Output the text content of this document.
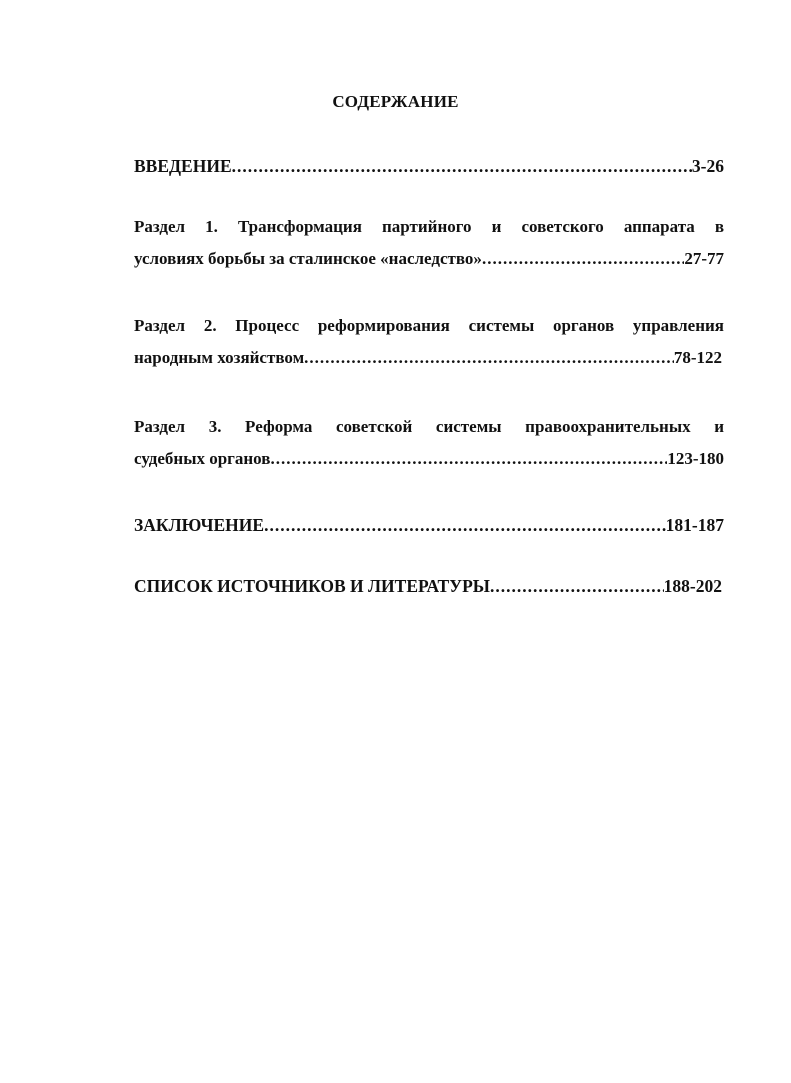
СОДЕРЖАНИЕ
ВВЕДЕНИЕ .....	3-26
Раздел 1. Трансформация партийного и советского аппарата в
условиях борьбы за сталинское «наследство» .....	27-77
Раздел 2. Процесс реформирования системы органов управления
народным хозяйством .....	78-122
Раздел 3. Реформа советской системы правоохранительных и
судебных органов .....	123-180
ЗАКЛЮЧЕНИЕ .....	181-187
СПИСОК ИСТОЧНИКОВ И ЛИТЕРАТУРЫ .....	188-202
